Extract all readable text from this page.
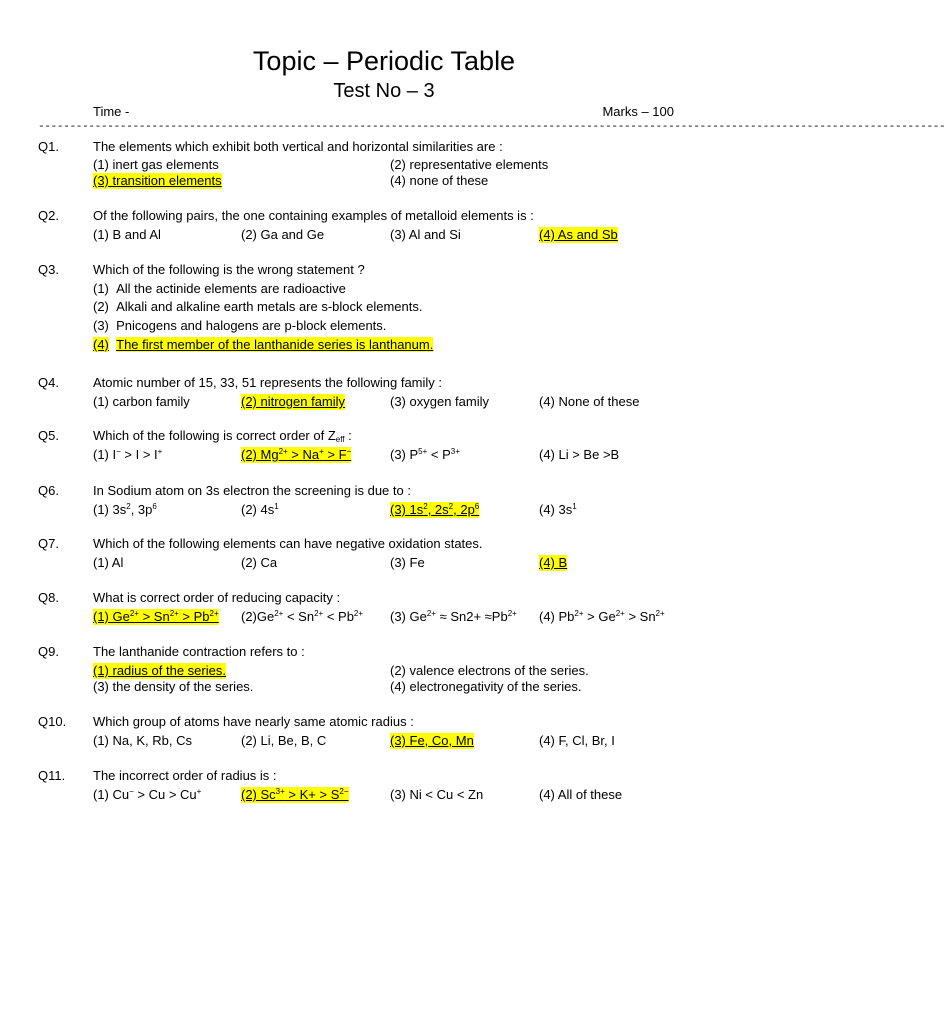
Topic – Periodic Table
Test No – 3
Time -	Marks – 100
------------------------------------------------------------------------------------------------------------------------------------------------
Q1.	The elements which exhibit both vertical and horizontal similarities are :
(1) inert gas elements	(2) representative elements
(3) transition elements	(4) none of these
Q2.	Of the following pairs, the one containing examples of metalloid elements is :
(1) B and Al	(2) Ga and Ge	(3) Al and Si	(4) As and Sb
Q3.	Which of the following is the wrong statement ?
(1) All the actinide elements are radioactive
(2) Alkali and alkaline earth metals are s-block elements.
(3) Pnicogens and halogens are p-block elements.
(4) The first member of the lanthanide series is lanthanum.
Q4.	Atomic number of 15, 33, 51 represents the following family :
(1) carbon family	(2) nitrogen family	(3) oxygen family	(4) None of these
Q5.	Which of the following is correct order of $Z_{eff}$ :
(1) I− > I > I+	(2) $Mg^{2+} > Na^+ > F^-$	(3) $P^{5+} < P^{3+}$	(4) Li > Be >B
Q6.	In Sodium atom on 3s electron the screening is due to :
(1) $3s^2$, $3p^6$	(2) $4s^1$	(3) $1s^2$, $2s^2$, $2p^6$	(4) $3s^1$
Q7.	Which of the following elements can have negative oxidation states.
(1) Al	(2) Ca	(3) Fe	(4) B
Q8.	What is correct order of reducing capacity :
(1) $Ge^{2+} > Sn^{2+} > Pb^{2+}$ $(2)Ge^{2+} < Sn^{2+} < Pb^{2+}$ (3) $Ge^{2+} \approx Sn2+ \approx Pb^{2+}$ (4) $Pb^{2+} > Ge^{2+} > Sn^{2+}$
Q9.	The lanthanide contraction refers to :
(1) radius of the series.	(2) valence electrons of the series.
(3) the density of the series.	(4) electronegativity of the series.
Q10. Which group of atoms have nearly same atomic radius :
(1) Na, K, Rb, Cs	(2) Li, Be, B, C	(3) Fe, Co, Mn	(4) F, Cl, Br, I
Q11. The incorrect order of radius is :
(1) Cu− > Cu > Cu+	(2) $Sc^{3+} > K+ > S^{2-}$	(3) Ni < Cu < Zn	(4) All of these
